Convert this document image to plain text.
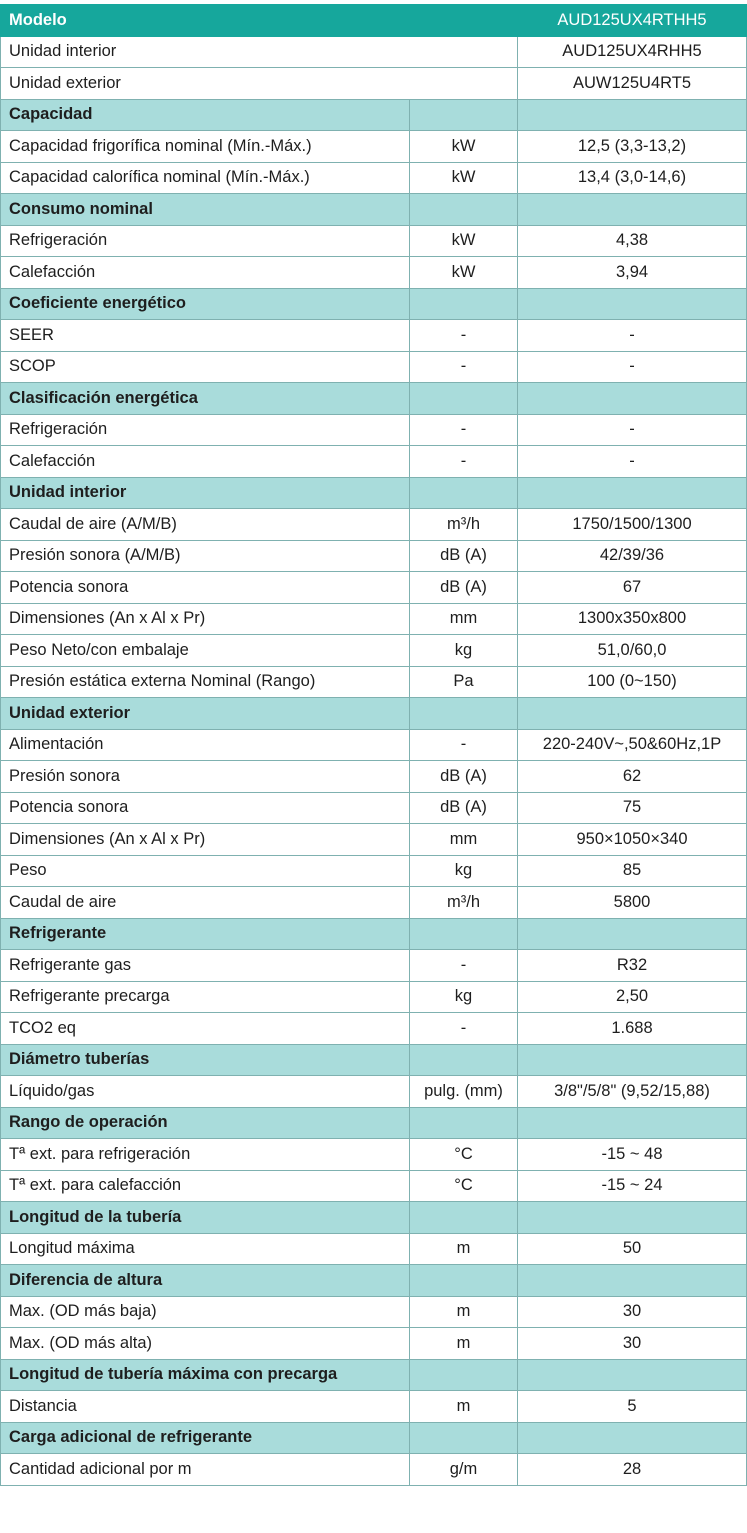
Modelo		AUD125UX4RTHH5
Unidad interior		AUD125UX4RHH5
Unidad exterior		AUW125U4RT5
Capacidad		
Capacidad frigorífica nominal (Mín.-Máx.)	kW	12,5 (3,3-13,2)
Capacidad calorífica nominal (Mín.-Máx.)	kW	13,4 (3,0-14,6)
Consumo nominal		
Refrigeración	kW	4,38
Calefacción	kW	3,94
Coeficiente energético		
SEER	-	-
SCOP	-	-
Clasificación energética		
Refrigeración	-	-
Calefacción	-	-
Unidad interior		
Caudal de aire (A/M/B)	m³/h	1750/1500/1300
Presión sonora (A/M/B)	dB (A)	42/39/36
Potencia sonora	dB (A)	67
Dimensiones (An x Al x Pr)	mm	1300x350x800
Peso Neto/con embalaje	kg	51,0/60,0
Presión estática externa Nominal (Rango)	Pa	100 (0~150)
Unidad exterior		
Alimentación	-	220-240V~,50&60Hz,1P
Presión sonora	dB (A)	62
Potencia sonora	dB (A)	75
Dimensiones (An x Al x Pr)	mm	950×1050×340
Peso	kg	85
Caudal de aire	m³/h	5800
Refrigerante		
Refrigerante gas	-	R32
Refrigerante precarga	kg	2,50
TCO2 eq	-	1.688
Diámetro tuberías		
Líquido/gas	pulg. (mm)	3/8"/5/8" (9,52/15,88)
Rango de operación		
Tª ext. para refrigeración	°C	-15 ~ 48
Tª ext. para calefacción	°C	-15 ~ 24
Longitud de la tubería		
Longitud máxima	m	50
Diferencia de altura		
Max. (OD más baja)	m	30
Max. (OD más alta)	m	30
Longitud de tubería máxima con precarga		
Distancia	m	5
Carga adicional de refrigerante		
Cantidad adicional por m	g/m	28
